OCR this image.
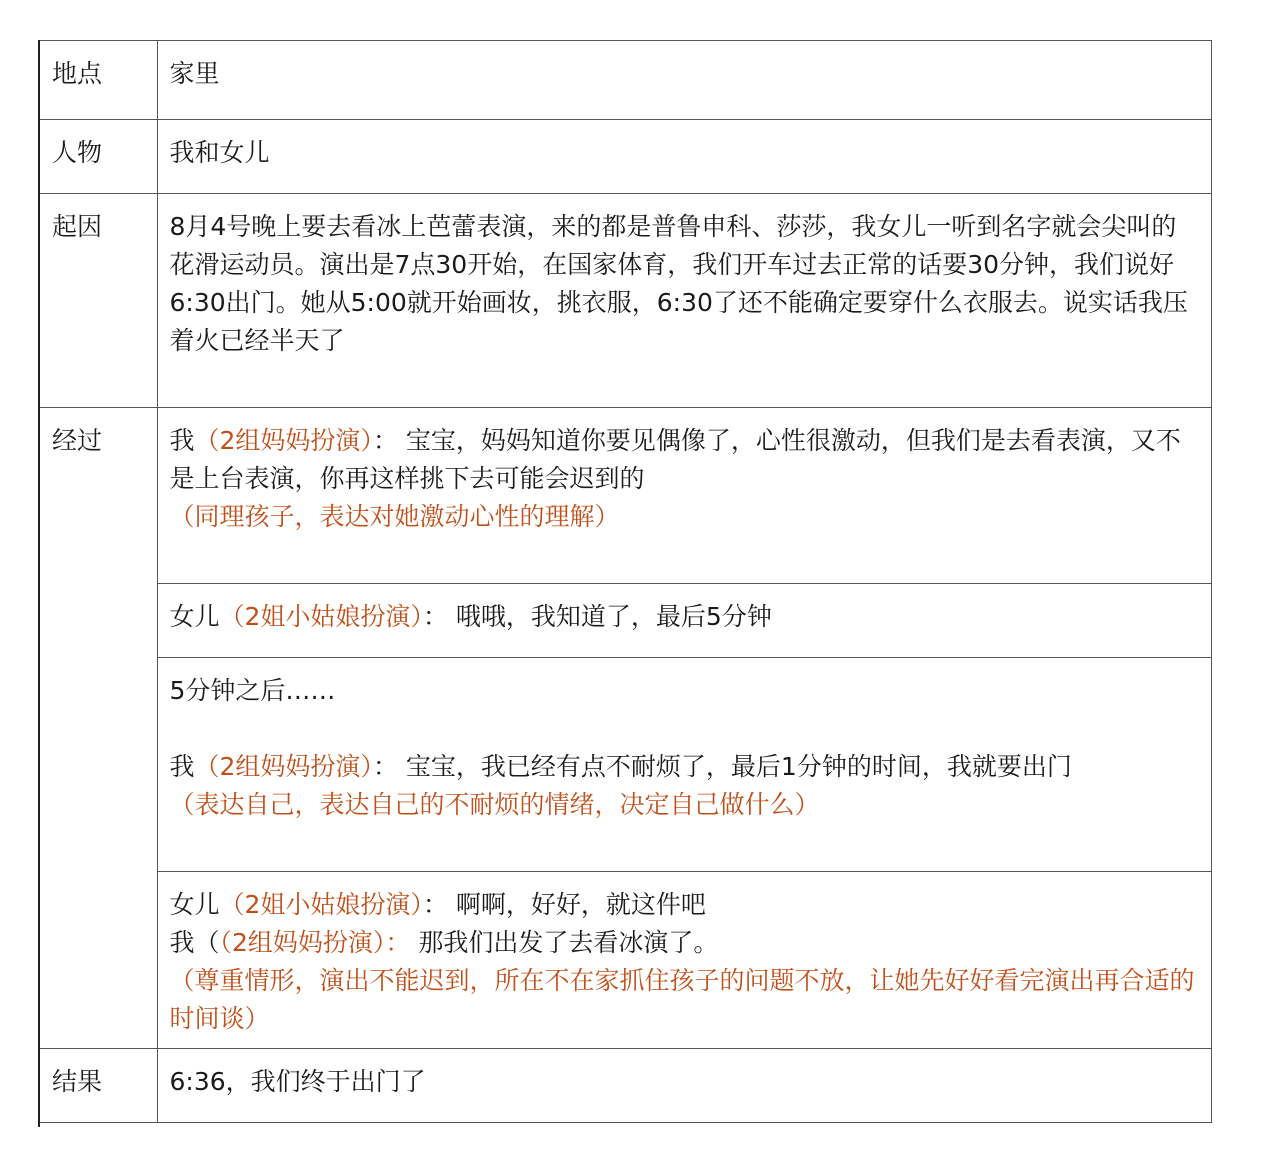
地点	家里
人物	我和女儿
起因	8月4号晚上要去看冰上芭蕾表演，来的都是普鲁申科、莎莎，我女儿一听到名字就会尖叫的花滑运动员。演出是7点30开始，在国家体育，我们开车过去正常的话要30分钟，我们说好6:30出门。她从5:00就开始画妆，挑衣服，6:30了还不能确定要穿什么衣服去。说实话我压着火已经半天了
经过	我（2组妈妈扮演）： 宝宝，妈妈知道你要见偶像了，心性很激动，但我们是去看表演，又不是上台表演，你再这样挑下去可能会迟到的
（同理孩子，表达对她激动心性的理解）

	女儿（2姐小姑娘扮演）： 哦哦，我知道了，最后5分钟

	5分钟之后……
我（2组妈妈扮演）： 宝宝，我已经有点不耐烦了，最后1分钟的时间，我就要出门
（表达自己，表达自己的不耐烦的情绪，决定自己做什么）

	女儿（2姐小姑娘扮演）： 啊啊，好好，就这件吧
我（（2组妈妈扮演）： 那我们出发了去看冰演了。
（尊重情形，演出不能迟到，所在不在家抓住孩子的问题不放，让她先好好看完演出再合适的时间谈）

结果	6:36，我们终于出门了
